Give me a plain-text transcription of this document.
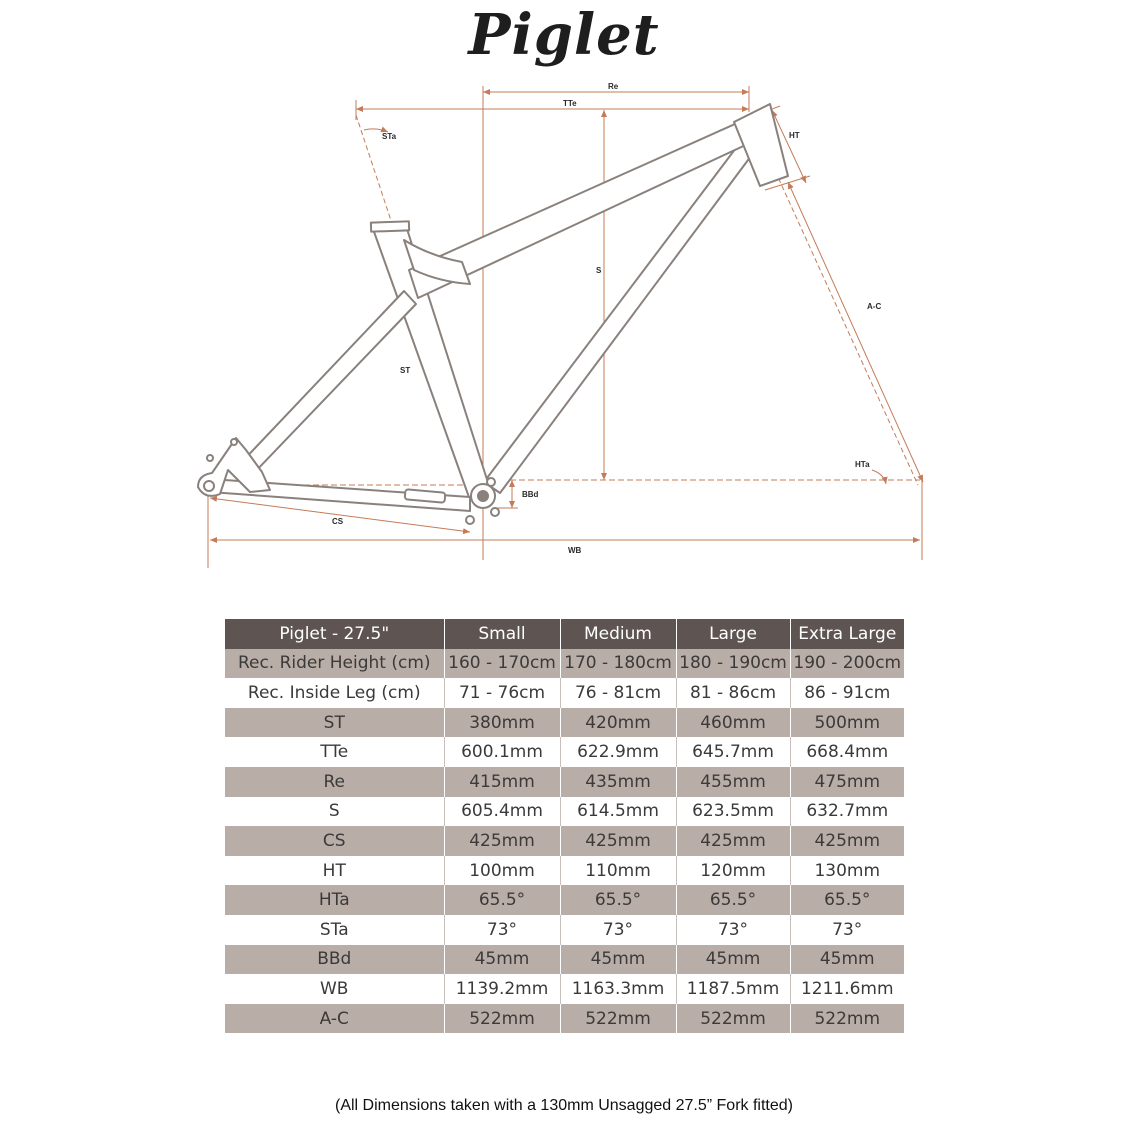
Piglet
Re
TTe
STa	HT
S
A-C
ST
HTa
BBd
CS
WB
Piglet - 27.5"	Small	Medium	Large	Extra Large
Rec. Rider Height (cm)	160 - 170cm	170 - 180cm	180 - 190cm	190 - 200cm
Rec. Inside Leg (cm)	71 - 76cm	76 - 81cm	81 - 86cm	86 - 91cm
ST	380mm	420mm	460mm	500mm
TTe	600.1mm	622.9mm	645.7mm	668.4mm
Re	415mm	435mm	455mm	475mm
S	605.4mm	614.5mm	623.5mm	632.7mm
CS	425mm	425mm	425mm	425mm
HT	100mm	110mm	120mm	130mm
HTa	65.5°	65.5°	65.5°	65.5°
STa	73°	73°	73°	73°
BBd	45mm	45mm	45mm	45mm
WB	1139.2mm	1163.3mm	1187.5mm	1211.6mm
A-C	522mm	522mm	522mm	522mm
(All Dimensions taken with a 130mm Unsagged 27.5” Fork fitted)
